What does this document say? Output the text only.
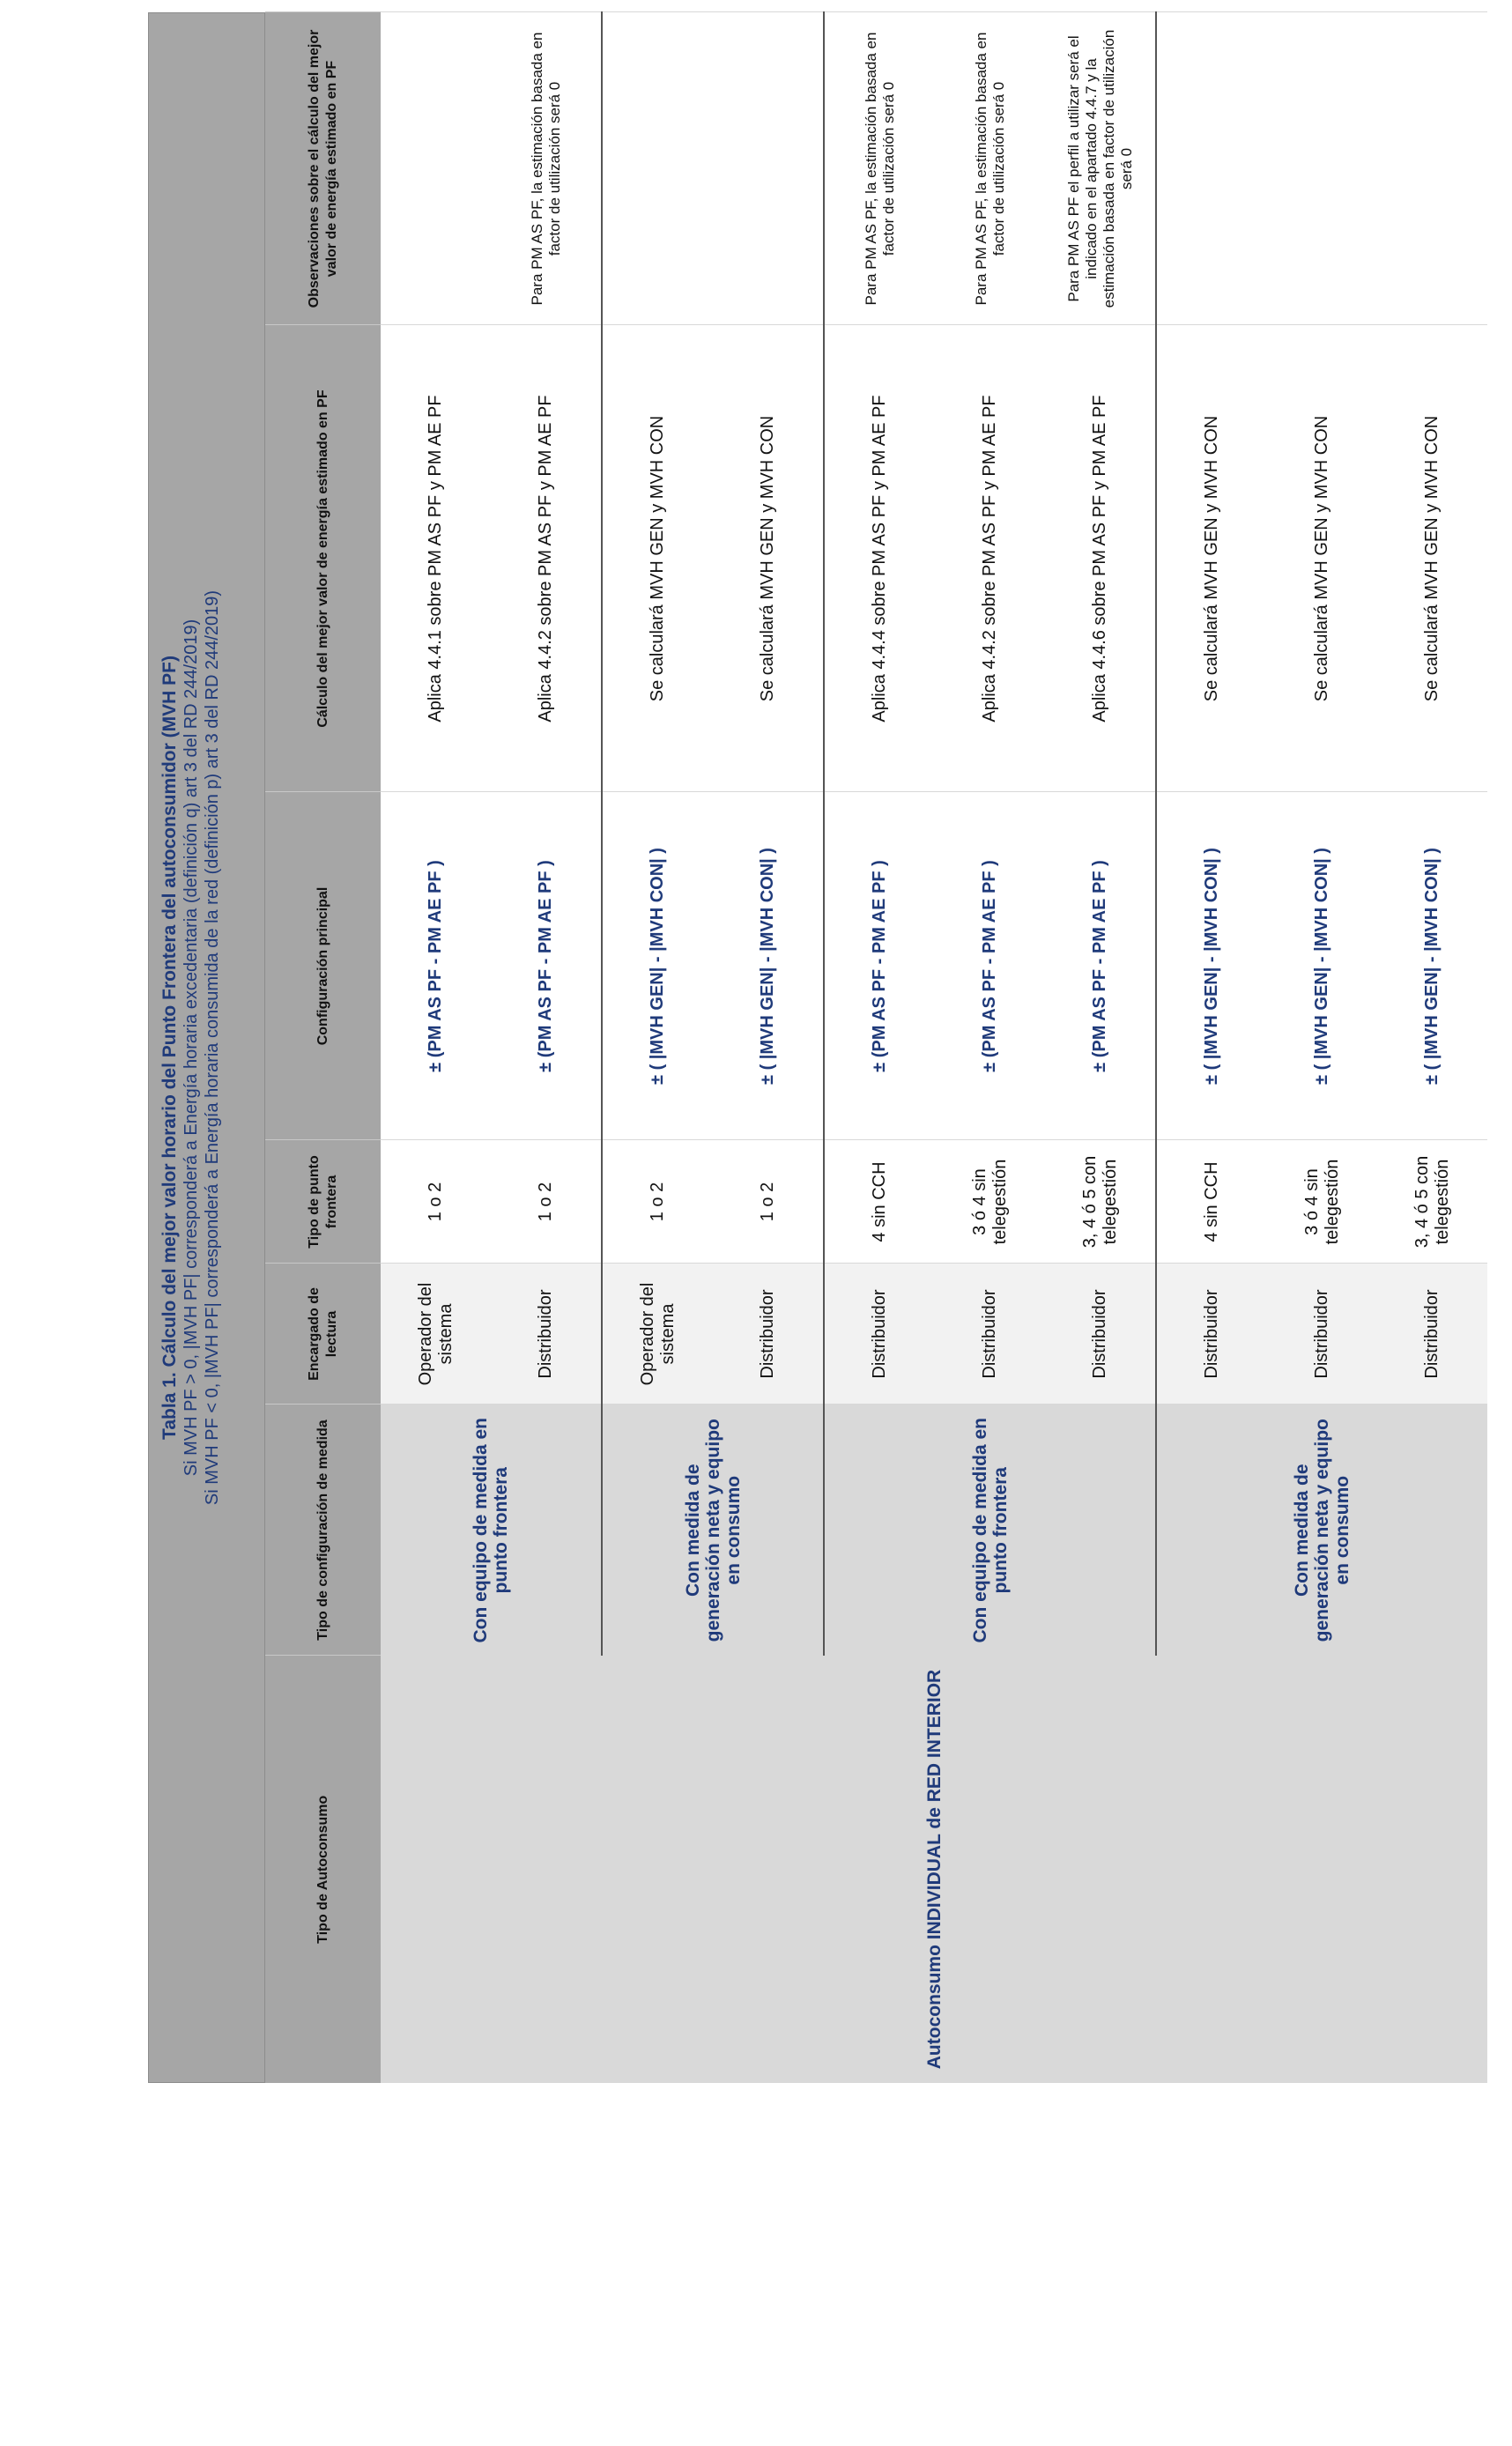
Tabla 1. Cálculo del mejor valor horario del Punto Frontera del autoconsumidor (MVH PF) Si MVH PF > 0, |MVH PF| corresponderá a Energía horaria excedentaria (definición q) art 3 del RD 244/2019) Si MVH PF < 0, |MVH PF| corresponderá a Energía horaria consumida de la red (definición p) art 3 del RD 244/2019)
Tipo de Autoconsumo	Tipo de configuración de medida	Encargado de lectura	Tipo de punto frontera	Configuración principal	Cálculo del mejor valor de energía estimado en PF	Observaciones sobre el cálculo del mejor valor de energía estimado en PF
Autoconsumo INDIVIDUAL de RED INTERIOR	Con equipo de medida en punto frontera	Operador del sistema	1 o 2	± (PM AS PF - PM AE PF )	Aplica 4.4.1 sobre PM AS PF y PM AE PF	
		Distribuidor	1 o 2	± (PM AS PF - PM AE PF )	Aplica 4.4.2 sobre PM AS PF y PM AE PF	Para PM AS PF, la estimación basada en factor de utilización será 0
	Con medida de generación neta y equipo en consumo	Operador del sistema	1 o 2	± ( |MVH GEN| - |MVH CON| )	Se calculará MVH GEN y MVH CON	
		Distribuidor	1 o 2	± ( |MVH GEN| - |MVH CON| )	Se calculará MVH GEN y MVH CON	
	Con equipo de medida en punto frontera	Distribuidor	4 sin CCH	± (PM AS PF - PM AE PF )	Aplica 4.4.4 sobre PM AS PF y PM AE PF	Para PM AS PF, la estimación basada en factor de utilización será 0
		Distribuidor	3 ó 4 sin telegestión	± (PM AS PF - PM AE PF )	Aplica 4.4.2 sobre PM AS PF y PM AE PF	Para PM AS PF, la estimación basada en factor de utilización será 0
		Distribuidor	3, 4 ó 5 con telegestión	± (PM AS PF - PM AE PF )	Aplica 4.4.6 sobre PM AS PF y PM AE PF	Para PM AS PF el perfil a utilizar será el indicado en el apartado 4.4.7 y la estimación basada en factor de utilización será 0
	Con medida de generación neta y equipo en consumo	Distribuidor	4 sin CCH	± ( |MVH GEN| - |MVH CON| )	Se calculará MVH GEN y MVH CON	
		Distribuidor	3 ó 4 sin telegestión	± ( |MVH GEN| - |MVH CON| )	Se calculará MVH GEN y MVH CON	
		Distribuidor	3, 4 ó 5 con telegestión	± ( |MVH GEN| - |MVH CON| )	Se calculará MVH GEN y MVH CON	
